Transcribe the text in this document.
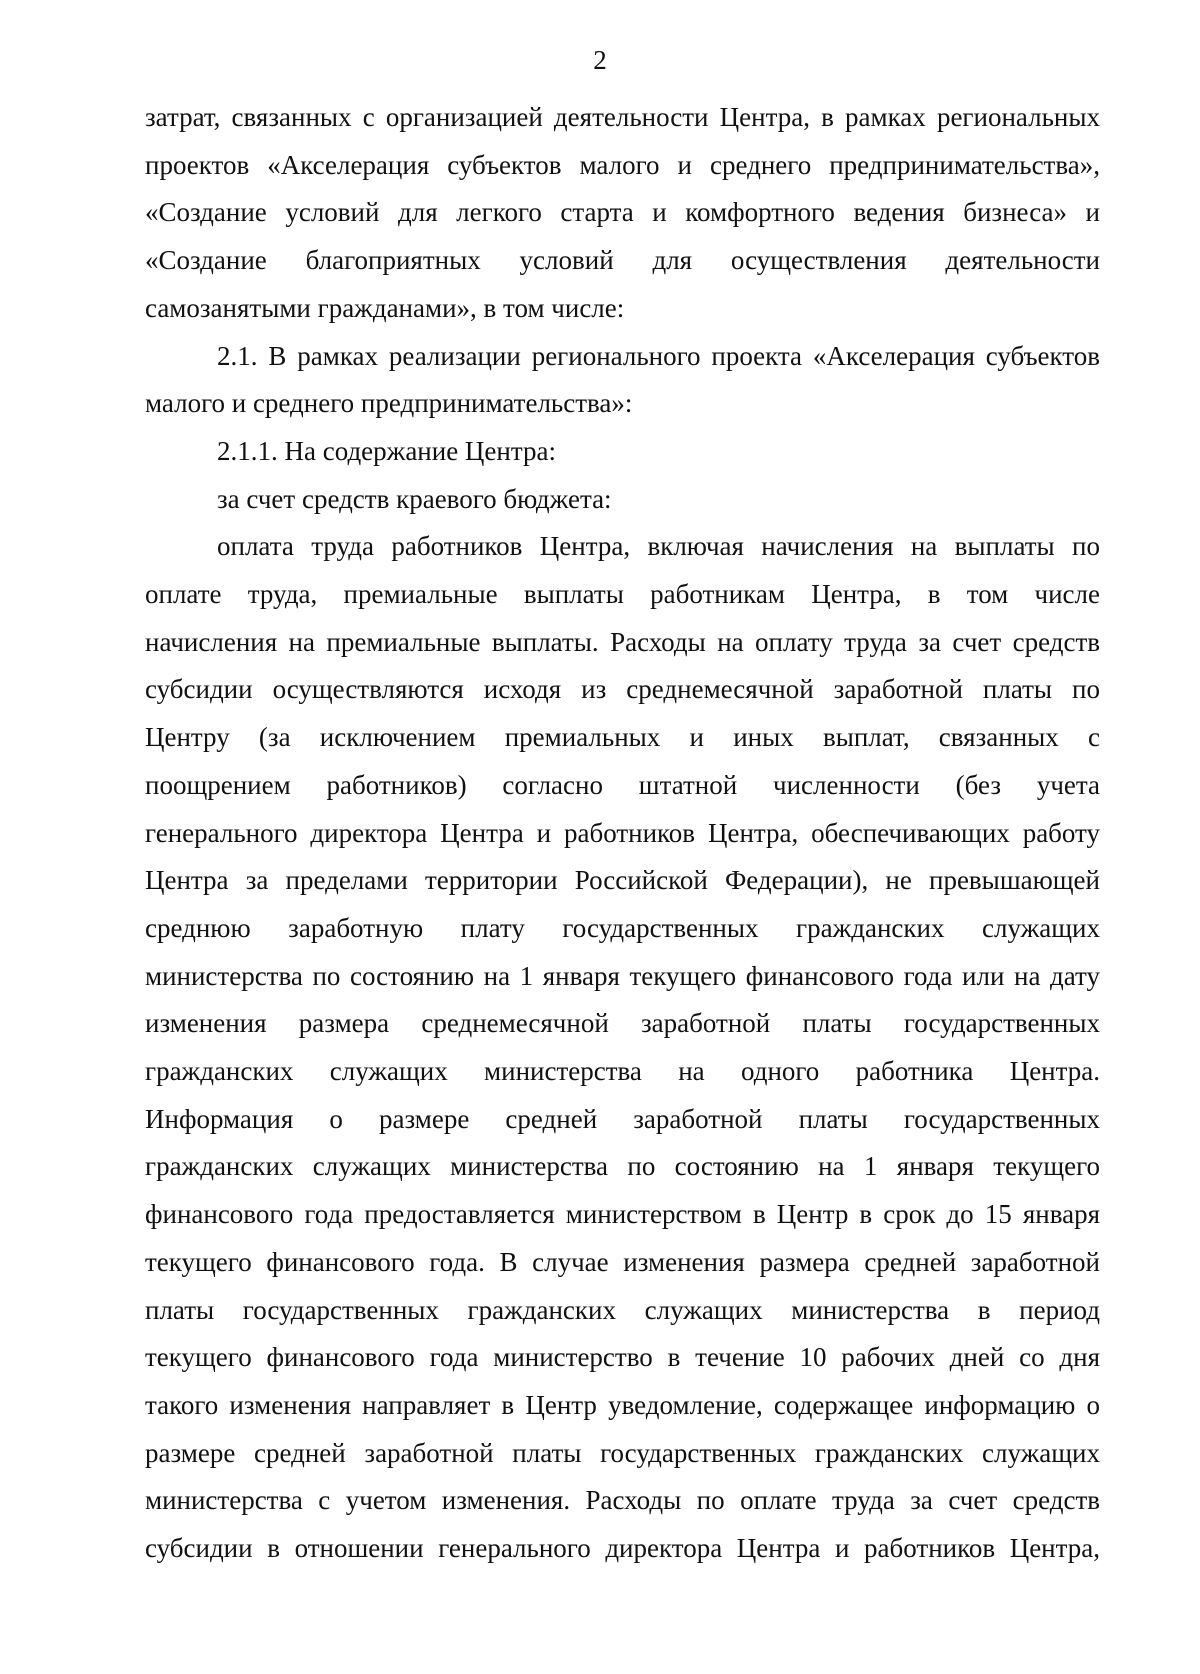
2
затрат, связанных с организацией деятельности Центра, в рамках региональных
проектов «Акселерация субъектов малого и среднего предпринимательства»,
«Создание условий для легкого старта и комфортного ведения бизнеса» и
«Создание благоприятных условий для осуществления деятельности
самозанятыми гражданами», в том числе:
2.1. В рамках реализации регионального проекта «Акселерация субъектов
малого и среднего предпринимательства»:
2.1.1. На содержание Центра:
за счет средств краевого бюджета:
оплата труда работников Центра, включая начисления на выплаты по
оплате труда, премиальные выплаты работникам Центра, в том числе
начисления на премиальные выплаты. Расходы на оплату труда за счет средств
субсидии осуществляются исходя из среднемесячной заработной платы по
Центру (за исключением премиальных и иных выплат, связанных с
поощрением работников) согласно штатной численности (без учета
генерального директора Центра и работников Центра, обеспечивающих работу
Центра за пределами территории Российской Федерации), не превышающей
среднюю заработную плату государственных гражданских служащих
министерства по состоянию на 1 января текущего финансового года или на дату
изменения размера среднемесячной заработной платы государственных
гражданских служащих министерства на одного работника Центра.
Информация о размере средней заработной платы государственных
гражданских служащих министерства по состоянию на 1 января текущего
финансового года предоставляется министерством в Центр в срок до 15 января
текущего финансового года. В случае изменения размера средней заработной
платы государственных гражданских служащих министерства в период
текущего финансового года министерство в течение 10 рабочих дней со дня
такого изменения направляет в Центр уведомление, содержащее информацию о
размере средней заработной платы государственных гражданских служащих
министерства с учетом изменения. Расходы по оплате труда за счет средств
субсидии в отношении генерального директора Центра и работников Центра,
